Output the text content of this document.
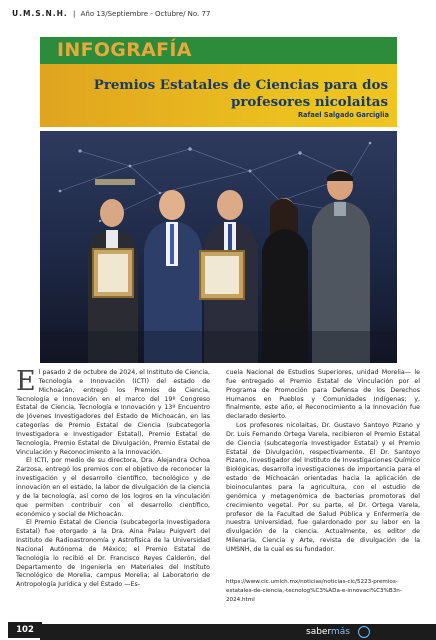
U.M.S.N.H. | Año 13/Septiembre - Octubre/ No. 77
INFOGRAFÍA
Premios Estatales de Ciencias para dos
profesores nicolaitas
Rafael Salgado Garciglia

El pasado 2 de octubre de 2024, el Instituto de Ciencia, Tecnología e Innovación (ICTI) del estado de Michoacán, entregó los Premios de Ciencia, Tecnología e Innovación en el marco del 19º Congreso Estatal de Ciencia, Tecnología e Innovación y 13º Encuentro de Jóvenes Investigadores del Estado de Michoacán, en las categorías de Premio Estatal de Ciencia (subcategoría Investigadora e Investigador Estatal), Premio Estatal de Tecnología, Premio Estatal de Divulgación, Premio Estatal de Vinculación y Reconocimiento a la Innovación.

El ICTI, por medio de su directora, Dra. Alejandra Ochoa Zarzosa, entregó los premios con el objetivo de reconocer la investigación y el desarrollo científico, tecnológico y de innovación en el estado, la labor de divulgación de la ciencia y de la tecnología, así como de los logros en la vinculación que permiten contribuir con el desarrollo científico, económico y social de Michoacán.

El Premio Estatal de Ciencia (subcategoría Investigadora Estatal) fue otorgado a la Dra. Aina Palau Puigvert del Instituto de Radioastronomía y Astrofísica de la Universidad Nacional Autónoma de México; el Premio Estatal de Tecnología lo recibió el Dr. Francisco Reyes Calderón, del Departamento de Ingeniería en Materiales del Instituto Tecnológico de Morelia, campus Morelia; al Laboratorio de Antropología Jurídica y del Estado —Es-

cuela Nacional de Estudios Superiores, unidad Morelia— le fue entregado el Premio Estatal de Vinculación por el Programa de Promoción para Defensa de los Derechos Humanos en Pueblos y Comunidades Indígenas; y, finalmente, este año, el Reconocimiento a la Innovación fue declarado desierto.

Los profesores nicolaitas, Dr. Gustavo Santoyo Pizano y Dr. Luis Fernando Ortega Varela, recibieron el Premio Estatal de Ciencia (subcategoría Investigador Estatal) y el Premio Estatal de Divulgación, respectivamente. El Dr. Santoyo Pizano, investigador del Instituto de Investigaciones Químico Biológicas, desarrolla investigaciones de importancia para el estado de Michoacán orientadas hacia la aplicación de bioinoculantes para la agricultura, con el estudio de genómica y metagenómica de bacterias promotoras del crecimiento vegetal. Por su parte, el Dr. Ortega Varela, profesor de la Facultad de Salud Pública y Enfermería de nuestra Universidad, fue galardonado por su labor en la divulgación de la ciencia. Actualmente, es editor de Milenaria, Ciencia y Arte, revista de divulgación de la UMSNH, de la cual es su fundador.

https://www.cic.umich.mx/noticias/noticias-cic/5223-premios-estatales-de-ciencia,-tecnolog%C3%ADa-e-innovaci%C3%B3n-2024.html
102	sabermás
